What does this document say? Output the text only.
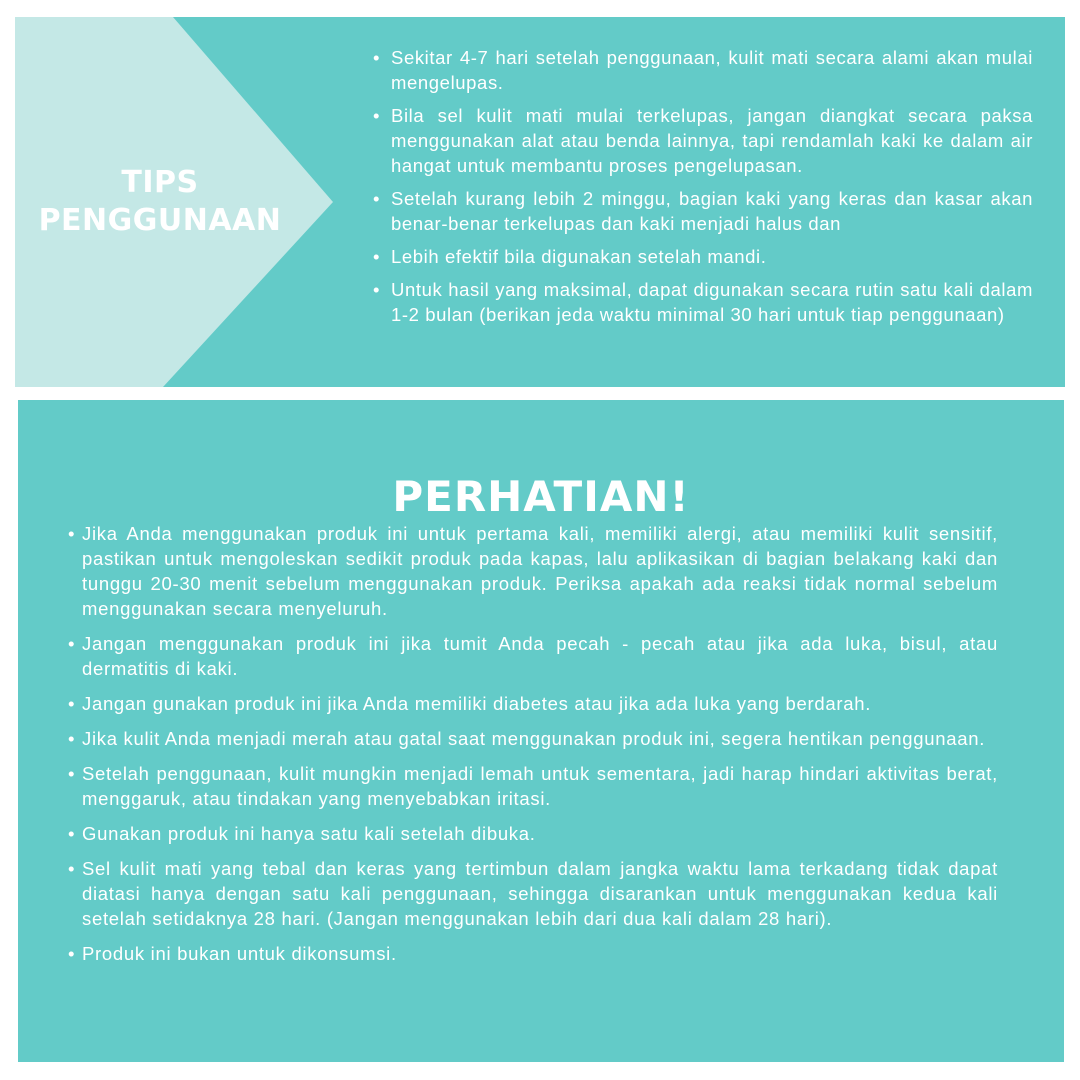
TIPS
PENGGUNAAN
• Sekitar 4-7 hari setelah penggunaan, kulit mati secara alami akan mulai mengelupas.
• Bila sel kulit mati mulai terkelupas, jangan diangkat secara paksa menggunakan alat atau benda lainnya, tapi rendamlah kaki ke dalam air hangat untuk membantu proses pengelupasan.
• Setelah kurang lebih 2 minggu, bagian kaki yang keras dan kasar akan benar-benar terkelupas dan kaki menjadi halus dan
• Lebih efektif bila digunakan setelah mandi.
• Untuk hasil yang maksimal, dapat digunakan secara rutin satu kali dalam 1-2 bulan (berikan jeda waktu minimal 30 hari untuk tiap penggunaan)
PERHATIAN!
• Jika Anda menggunakan produk ini untuk pertama kali, memiliki alergi, atau memiliki kulit sensitif, pastikan untuk mengoleskan sedikit produk pada kapas, lalu aplikasikan di bagian belakang kaki dan tunggu 20-30 menit sebelum menggunakan produk. Periksa apakah ada reaksi tidak normal sebelum menggunakan secara menyeluruh.
• Jangan menggunakan produk ini jika tumit Anda pecah - pecah atau jika ada luka, bisul, atau dermatitis di kaki.
• Jangan gunakan produk ini jika Anda memiliki diabetes atau jika ada luka yang berdarah.
• Jika kulit Anda menjadi merah atau gatal saat menggunakan produk ini, segera hentikan penggunaan.
• Setelah penggunaan, kulit mungkin menjadi lemah untuk sementara, jadi harap hindari aktivitas berat, menggaruk, atau tindakan yang menyebabkan iritasi.
• Gunakan produk ini hanya satu kali setelah dibuka.
• Sel kulit mati yang tebal dan keras yang tertimbun dalam jangka waktu lama terkadang tidak dapat diatasi hanya dengan satu kali penggunaan, sehingga disarankan untuk menggunakan kedua kali setelah setidaknya 28 hari. (Jangan menggunakan lebih dari dua kali dalam 28 hari).
• Produk ini bukan untuk dikonsumsi.
